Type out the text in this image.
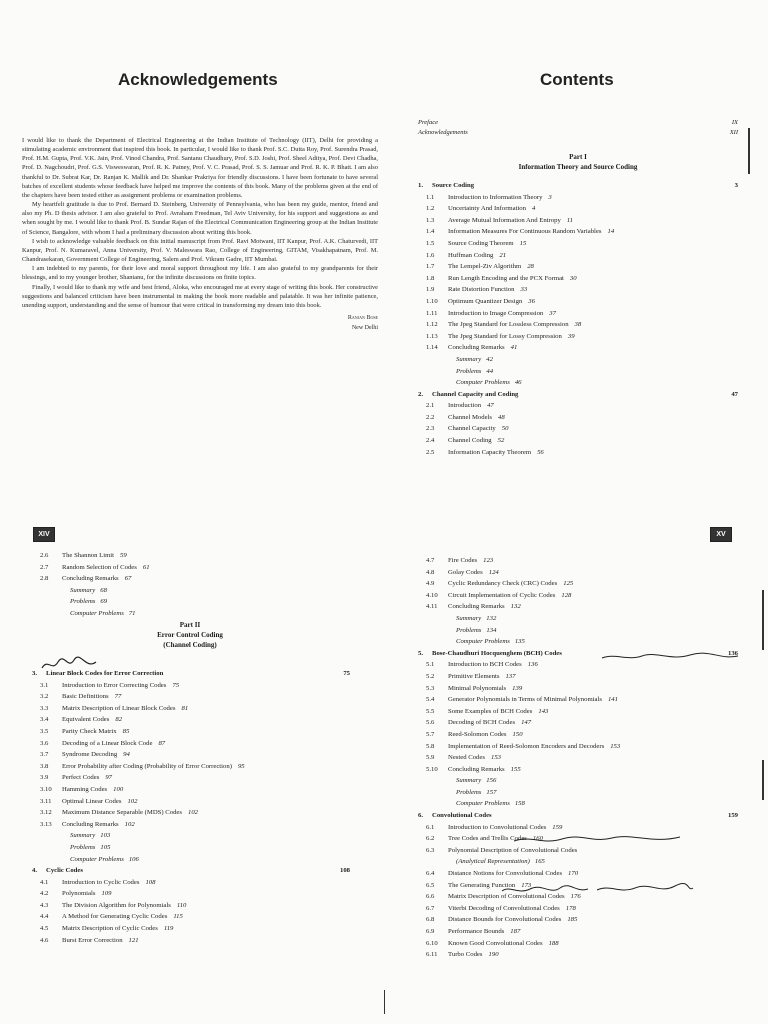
Acknowledgements

I would like to thank the Department of Electrical Engineering at the Indian Institute of Technology (IIT), Delhi for providing a stimulating academic environment that inspired this book. In particular, I would like to thank Prof. S.C. Dutta Roy, Prof. Surendra Prasad, Prof. H.M. Gupta, Prof. V.K. Jain, Prof. Vinod Chandra, Prof. Santanu Chaudhury, Prof. S.D. Joshi, Prof. Sheel Aditya, Prof. Devi Chadha, Prof. D. Nagchoudri, Prof. G.S. Visweswaran, Prof. R. K. Patney, Prof. V. C. Prasad, Prof. S. S. Jamuar and Prof. R. K. P. Bhatt. I am also thankful to Dr. Subrat Kar, Dr. Ranjan K. Mallik and Dr. Shankar Prakriya for friendly discussions. I have been fortunate to have several batches of excellent students whose feedback have helped me improve the contents of this book. Many of the problems given at the end of the chapters have been tested either as assignment problems or examination problems.

My heartfelt gratitude is due to Prof. Bernard D. Steinberg, University of Pennsylvania, who has been my guide, mentor, friend and also my Ph. D thesis advisor. I am also grateful to Prof. Avraham Freedman, Tel Aviv University, for his support and suggestions as and when sought by me. I would like to thank Prof. B. Sundar Rajan of the Electrical Communication Engineering group at the Indian Institute of Science, Bangalore, with whom I had a preliminary discussion about writing this book.

I wish to acknowledge valuable feedback on this initial manuscript from Prof. Ravi Motwani, IIT Kanpur, Prof. A.K. Chaturvedi, IIT Kanpur, Prof. N. Kumaravel, Anna University, Prof. V. Maleswara Rao, College of Engineering, GITAM, Visakhapatnam, Prof. M. Chandrasekaran, Government College of Engineering, Salem and Prof. Vikram Gadre, IIT Mumbai.

I am indebted to my parents, for their love and moral support throughout my life. I am also grateful to my grandparents for their blessings, and to my younger brother, Shantanu, for the infinite discussions on finite topics.

Finally, I would like to thank my wife and best friend, Aloka, who encouraged me at every stage of writing this book. Her constructive suggestions and balanced criticism have been instrumental in making the book more readable and palatable. It was her infinite patience, unending support, understanding and the sense of humour that were critical in transforming my dream into this book.

Ranjan Bose
New Delhi
Contents
Preface	IX
Acknowledgements	XII
Part I
Information Theory and Source Coding
1. Source Coding	3
1.1 Introduction to Information Theory 3
1.2 Uncertainty And Information 4
1.3 Average Mutual Information And Entropy 11
1.4 Information Measures For Continuous Random Variables 14
1.5 Source Coding Theorem 15
1.6 Huffman Coding 21
1.7 The Lempel-Ziv Algorithm 28
1.8 Run Length Encoding and the PCX Format 30
1.9 Rate Distortion Function 33
1.10 Optimum Quantizer Design 36
1.11 Introduction to Image Compression 37
1.12 The Jpeg Standard for Lossless Compression 38
1.13 The Jpeg Standard for Lossy Compression 39
1.14 Concluding Remarks 41
Summary 42
Problems 44
Computer Problems 46
2. Channel Capacity and Coding	47
2.1 Introduction 47
2.2 Channel Models 48
2.3 Channel Capacity 50
2.4 Channel Coding 52
2.5 Information Capacity Theorem 56
XIV	XV
2.6 The Shannon Limit 59
2.7 Random Selection of Codes 61
2.8 Concluding Remarks 67
Summary 68
Problems 69
Computer Problems 71
Part II
Error Control Coding
(Channel Coding)
3. Linear Block Codes for Error Correction	75
3.1 Introduction to Error Correcting Codes 75
3.2 Basic Definitions 77
3.3 Matrix Description of Linear Block Codes 81
3.4 Equivalent Codes 82
3.5 Parity Check Matrix 85
3.6 Decoding of a Linear Block Code 87
3.7 Syndrome Decoding 94
3.8 Error Probability after Coding (Probability of Error Correction) 95
3.9 Perfect Codes 97
3.10 Hamming Codes 100
3.11 Optimal Linear Codes 102
3.12 Maximum Distance Separable (MDS) Codes 102
3.13 Concluding Remarks 102
Summary 103
Problems 105
Computer Problems 106
4. Cyclic Codes	108
4.1 Introduction to Cyclic Codes 108
4.2 Polynomials 109
4.3 The Division Algorithm for Polynomials 110
4.4 A Method for Generating Cyclic Codes 115
4.5 Matrix Description of Cyclic Codes 119
4.6 Burst Error Correction 121
4.7 Fire Codes 123
4.8 Golay Codes 124
4.9 Cyclic Redundancy Check (CRC) Codes 125
4.10 Circuit Implementation of Cyclic Codes 128
4.11 Concluding Remarks 132
Summary 132
Problems 134
Computer Problems 135
5. Bose-Chaudhuri Hocquenghem (BCH) Codes	136
5.1 Introduction to BCH Codes 136
5.2 Primitive Elements 137
5.3 Minimal Polynomials 139
5.4 Generator Polynomials in Terms of Minimal Polynomials 141
5.5 Some Examples of BCH Codes 143
5.6 Decoding of BCH Codes 147
5.7 Reed-Solomon Codes 150
5.8 Implementation of Reed-Solomon Encoders and Decoders 153
5.9 Nested Codes 153
5.10 Concluding Remarks 155
Summary 156
Problems 157
Computer Problems 158
6. Convolutional Codes	159
6.1 Introduction to Convolutional Codes 159
6.2 Tree Codes and Trellis Codes 160
6.3 Polynomial Description of Convolutional Codes
(Analytical Representation) 165
6.4 Distance Notions for Convolutional Codes 170
6.5 The Generating Function 173
6.6 Matrix Description of Convolutional Codes 176
6.7 Viterbi Decoding of Convolutional Codes 178
6.8 Distance Bounds for Convolutional Codes 185
6.9 Performance Bounds 187
6.10 Known Good Convolutional Codes 188
6.11 Turbo Codes 190
